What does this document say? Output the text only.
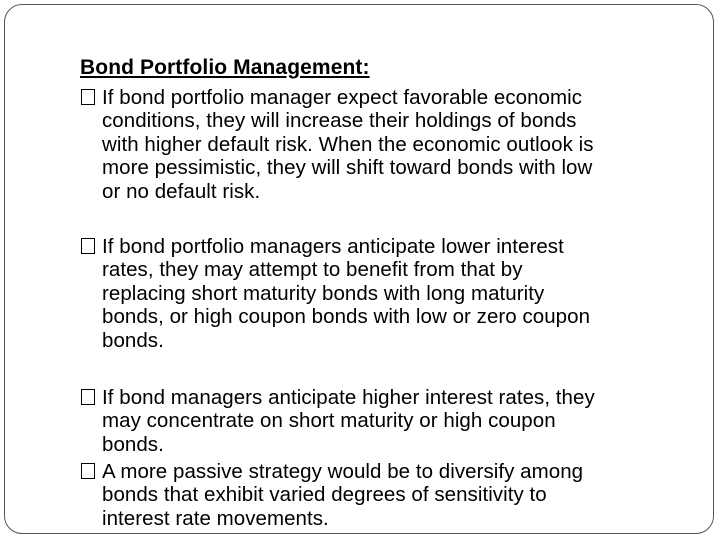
Bond Portfolio Management:

If bond portfolio manager expect favorable economic
conditions, they will increase their holdings of bonds
with higher default risk. When the economic outlook is
more pessimistic, they will shift toward bonds with low
or no default risk.

If bond portfolio managers anticipate lower interest
rates, they may attempt to benefit from that by
replacing short maturity bonds with long maturity
bonds, or high coupon bonds with low or zero coupon
bonds.

If bond managers anticipate higher interest rates, they
may concentrate on short maturity or high coupon
bonds.

A more passive strategy would be to diversify among
bonds that exhibit varied degrees of sensitivity to
interest rate movements.
